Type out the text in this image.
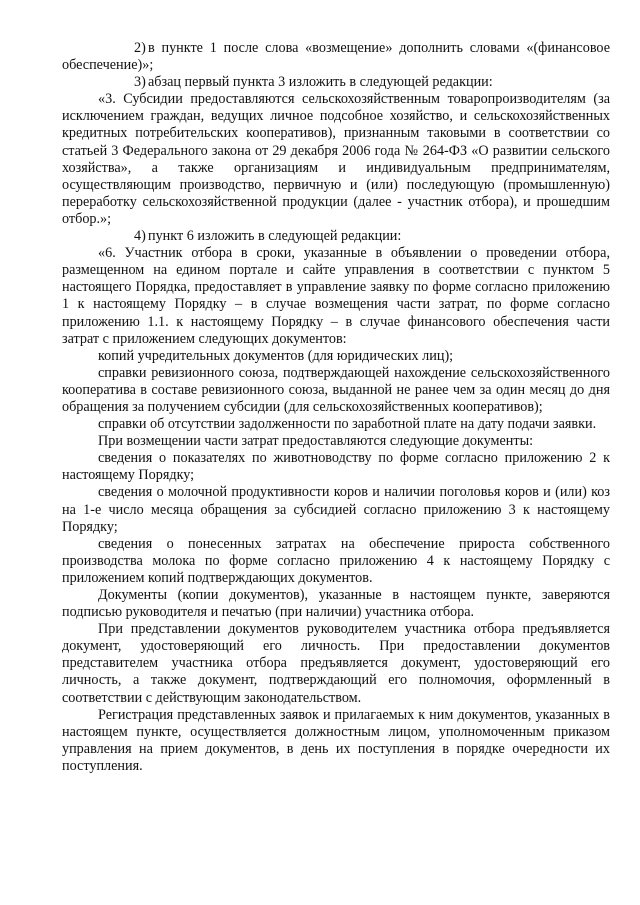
2) в пункте 1 после слова «возмещение» дополнить словами «(финансовое обеспечение)»;

3) абзац первый пункта 3 изложить в следующей редакции:

«3. Субсидии предоставляются сельскохозяйственным товаропроизводителям (за исключением граждан, ведущих личное подсобное хозяйство, и сельскохозяйственных кредитных потребительских кооперативов), признанным таковыми в соответствии со статьей 3 Федерального закона от 29 декабря 2006 года № 264-ФЗ «О развитии сельского хозяйства», а также организациям и индивидуальным предпринимателям, осуществляющим производство, первичную и (или) последующую (промышленную) переработку сельскохозяйственной продукции (далее - участник отбора), и прошедшим отбор.»;

4) пункт 6 изложить в следующей редакции:

«6. Участник отбора в сроки, указанные в объявлении о проведении отбора, размещенном на едином портале и сайте управления в соответствии с пунктом 5 настоящего Порядка, предоставляет в управление заявку по форме согласно приложению 1 к настоящему Порядку – в случае возмещения части затрат, по форме согласно приложению 1.1. к настоящему Порядку – в случае финансового обеспечения части затрат с приложением следующих документов:

копий учредительных документов (для юридических лиц);

справки ревизионного союза, подтверждающей нахождение сельскохозяйственного кооператива в составе ревизионного союза, выданной не ранее чем за один месяц до дня обращения за получением субсидии (для сельскохозяйственных кооперативов);

справки об отсутствии задолженности по заработной плате на дату подачи заявки.

При возмещении части затрат предоставляются следующие документы:

сведения о показателях по животноводству по форме согласно приложению 2 к настоящему Порядку;

сведения о молочной продуктивности коров и наличии поголовья коров и (или) коз на 1-е число месяца обращения за субсидией согласно приложению 3 к настоящему Порядку;

сведения о понесенных затратах на обеспечение прироста собственного производства молока по форме согласно приложению 4 к настоящему Порядку с приложением копий подтверждающих документов.

Документы (копии документов), указанные в настоящем пункте, заверяются подписью руководителя и печатью (при наличии) участника отбора.

При представлении документов руководителем участника отбора предъявляется документ, удостоверяющий его личность. При предоставлении документов представителем участника отбора предъявляется документ, удостоверяющий его личность, а также документ, подтверждающий его полномочия, оформленный в соответствии с действующим законодательством.

Регистрация представленных заявок и прилагаемых к ним документов, указанных в настоящем пункте, осуществляется должностным лицом, уполномоченным приказом управления на прием документов, в день их поступления в порядке очередности их поступления.
